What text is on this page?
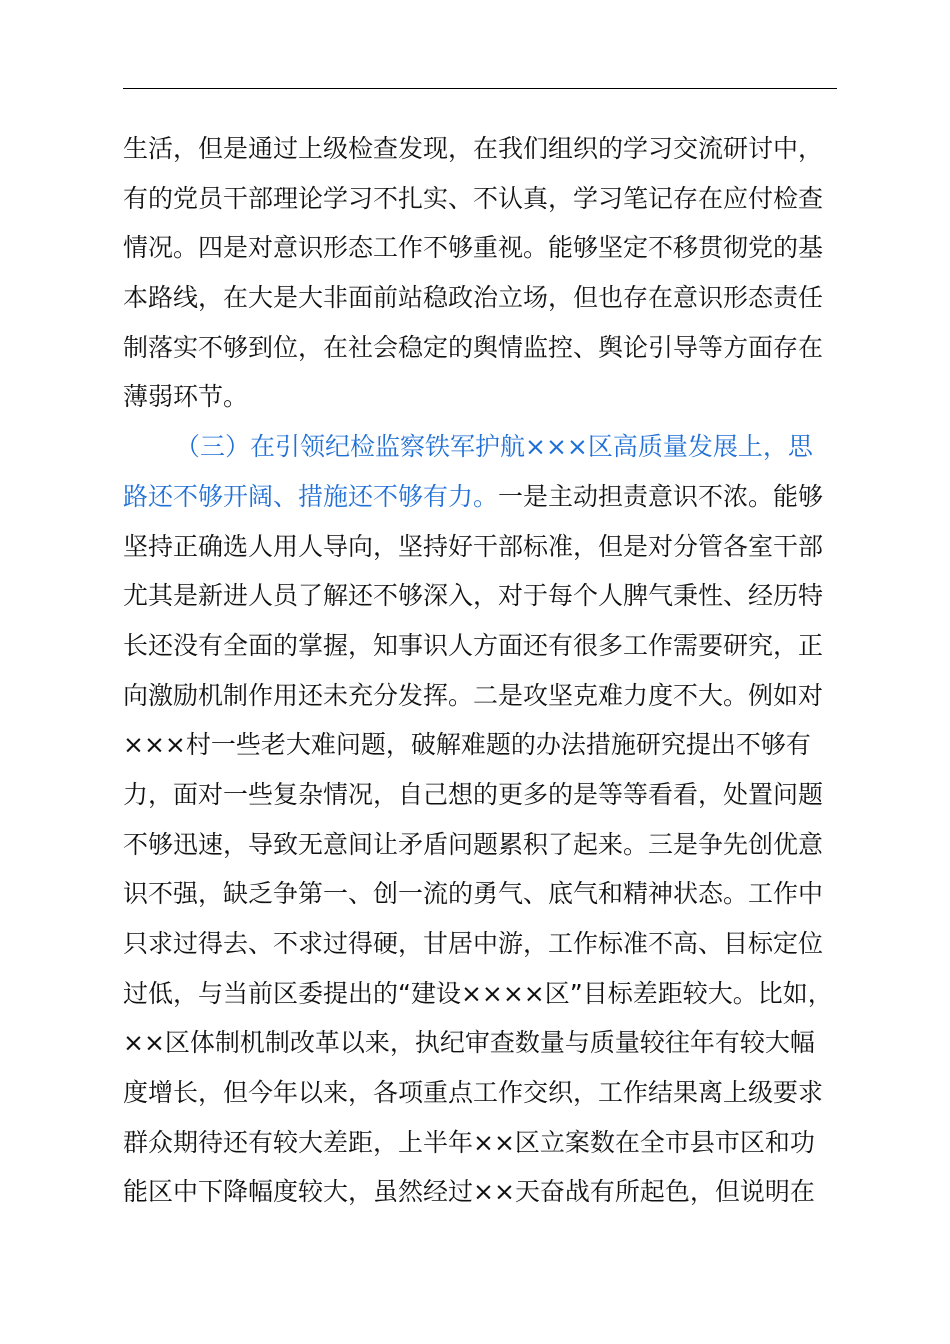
生活，但是通过上级检查发现，在我们组织的学习交流研讨中，
有的党员干部理论学习不扎实、不认真，学习笔记存在应付检查
情况。四是对意识形态工作不够重视。能够坚定不移贯彻党的基
本路线，在大是大非面前站稳政治立场，但也存在意识形态责任
制落实不够到位，在社会稳定的舆情监控、舆论引导等方面存在
薄弱环节。
（三）在引领纪检监察铁军护航×××区高质量发展上，思
路还不够开阔、措施还不够有力。一是主动担责意识不浓。能够
坚持正确选人用人导向，坚持好干部标准，但是对分管各室干部
尤其是新进人员了解还不够深入，对于每个人脾气秉性、经历特
长还没有全面的掌握，知事识人方面还有很多工作需要研究，正
向激励机制作用还未充分发挥。二是攻坚克难力度不大。例如对
×××村一些老大难问题，破解难题的办法措施研究提出不够有
力，面对一些复杂情况，自己想的更多的是等等看看，处置问题
不够迅速，导致无意间让矛盾问题累积了起来。三是争先创优意
识不强，缺乏争第一、创一流的勇气、底气和精神状态。工作中
只求过得去、不求过得硬，甘居中游，工作标准不高、目标定位
过低，与当前区委提出的“建设××××区”目标差距较大。比如，
××区体制机制改革以来，执纪审查数量与质量较往年有较大幅
度增长，但今年以来，各项重点工作交织，工作结果离上级要求
群众期待还有较大差距，上半年××区立案数在全市县市区和功
能区中下降幅度较大，虽然经过××天奋战有所起色，但说明在
